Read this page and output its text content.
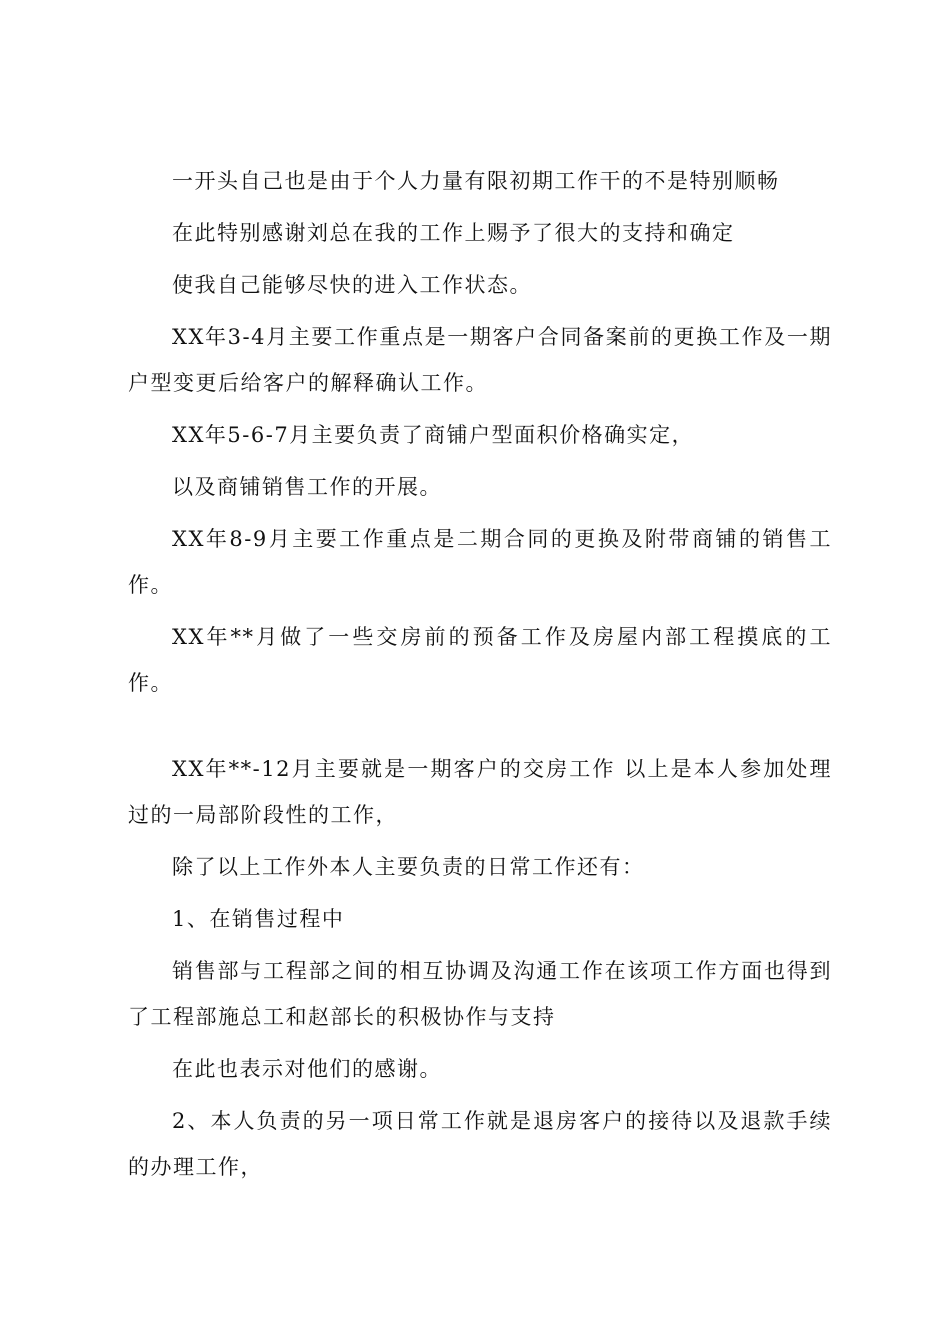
一开头自己也是由于个人力量有限初期工作干的不是特别顺畅

在此特别感谢刘总在我的工作上赐予了很大的支持和确定

使我自己能够尽快的进入工作状态。

XX年3-4月主要工作重点是一期客户合同备案前的更换工作及一期户型变更后给客户的解释确认工作。

XX年5-6-7月主要负责了商铺户型面积价格确实定，

以及商铺销售工作的开展。

XX年8-9月主要工作重点是二期合同的更换及附带商铺的销售工作。

XX年**月做了一些交房前的预备工作及房屋内部工程摸底的工作。

XX年**-12月主要就是一期客户的交房工作 以上是本人参加处理过的一局部阶段性的工作，

除了以上工作外本人主要负责的日常工作还有：

1、在销售过程中

销售部与工程部之间的相互协调及沟通工作在该项工作方面也得到了工程部施总工和赵部长的积极协作与支持

在此也表示对他们的感谢。

2、本人负责的另一项日常工作就是退房客户的接待以及退款手续的办理工作，
